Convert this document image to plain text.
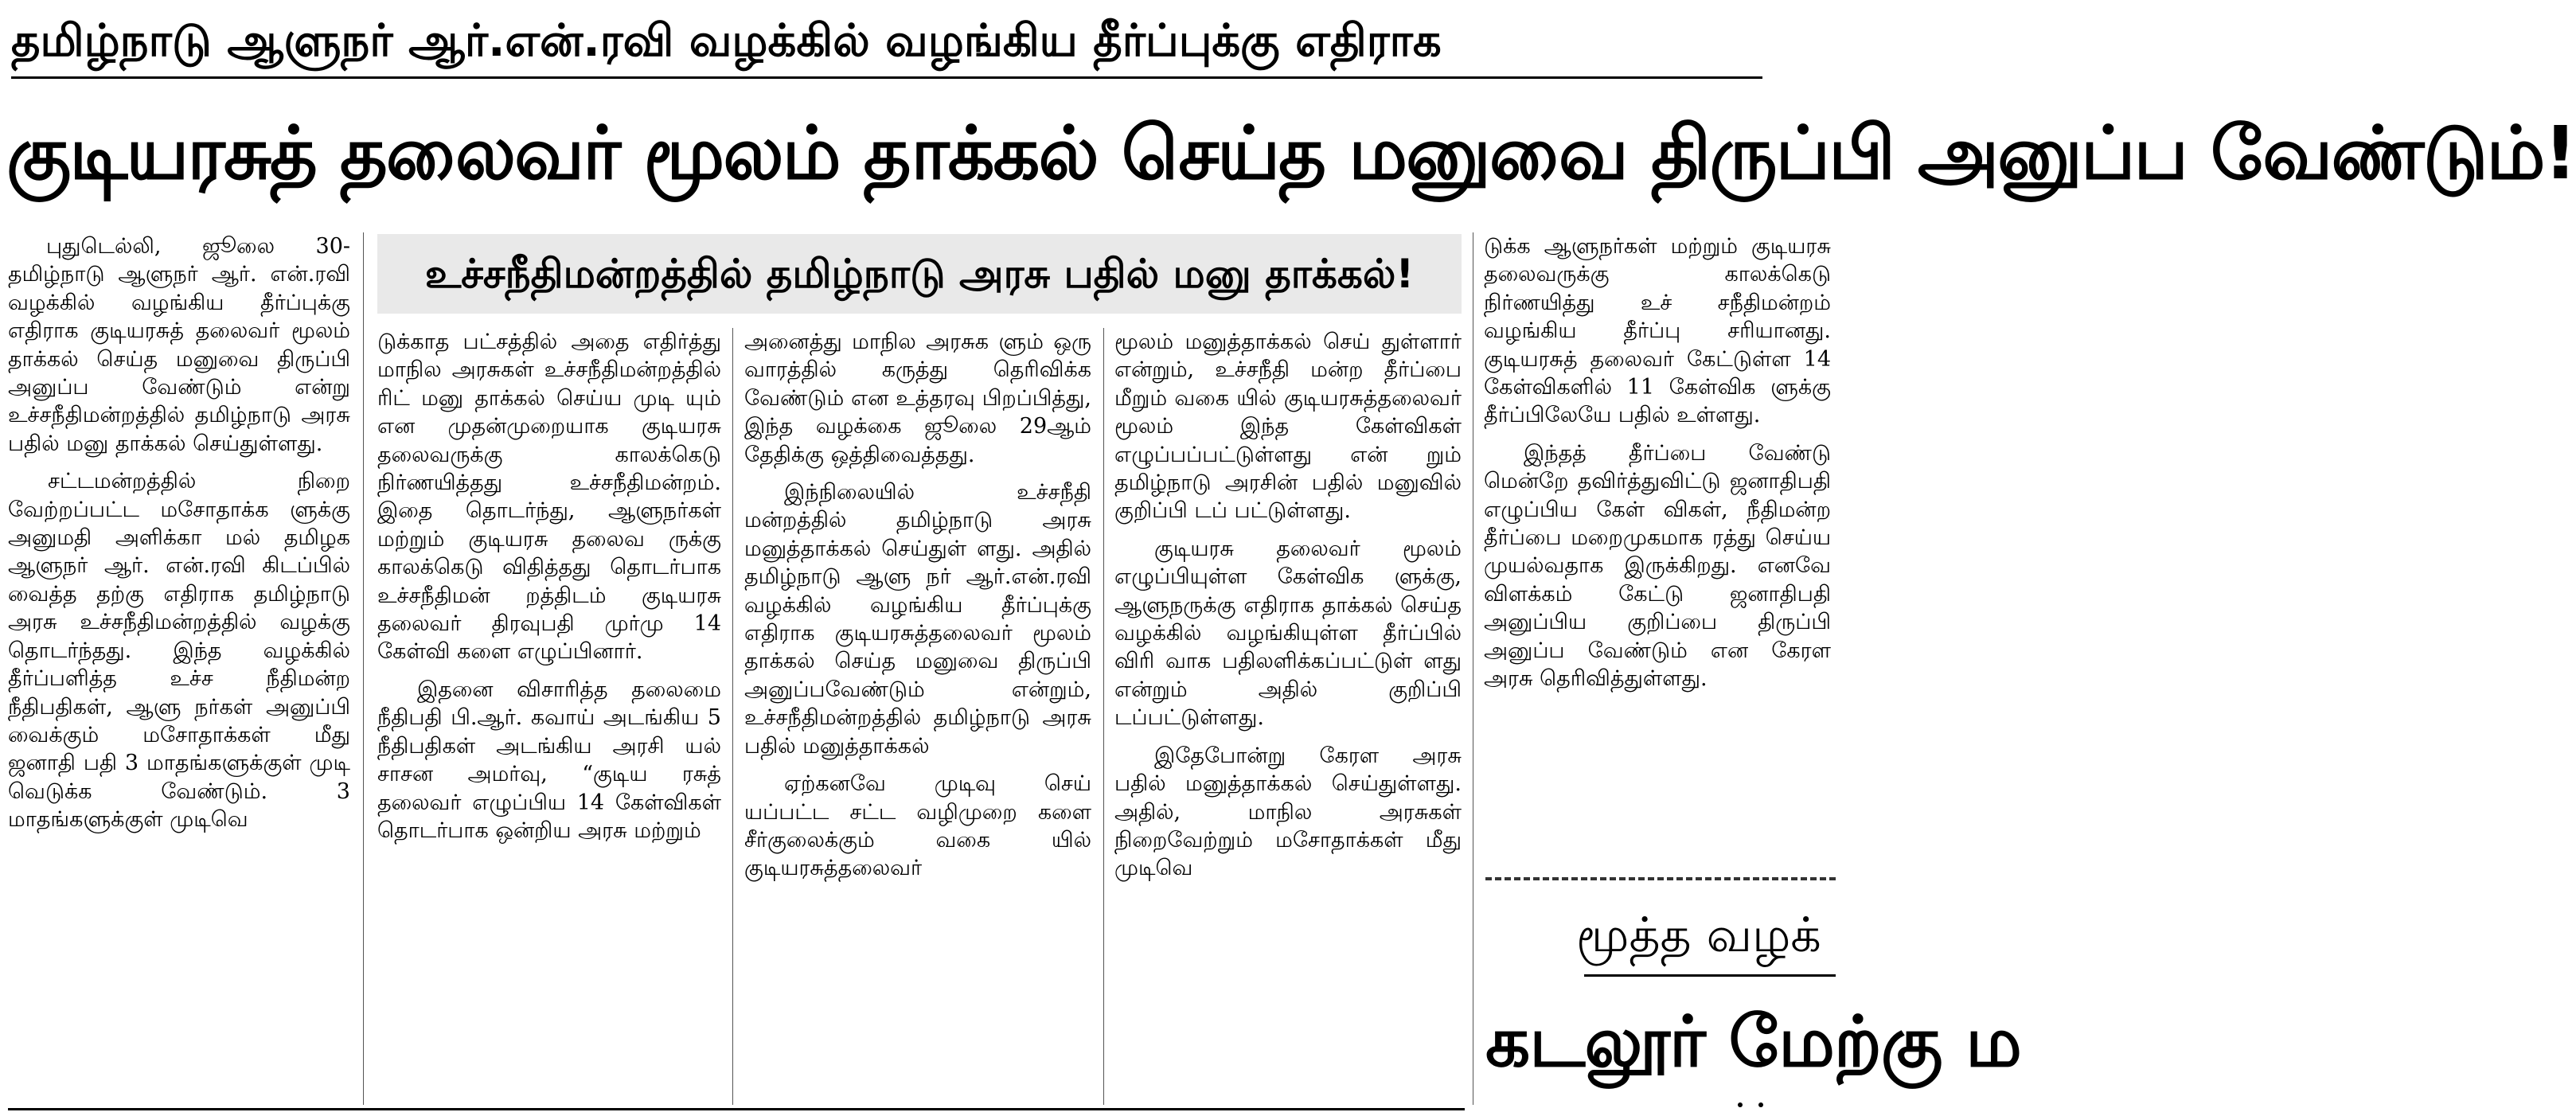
தமிழ்நாடு ஆளுநர் ஆர்.என்.ரவி வழக்கில் வழங்கிய தீர்ப்புக்கு எதிராக
குடியரசுத் தலைவர் மூலம் தாக்கல் செய்த மனுவை திருப்பி அனுப்ப வேண்டும்!
உச்சநீதிமன்றத்தில் தமிழ்நாடு அரசு பதில் மனு தாக்கல்!

புதுடெல்லி, ஜூலை 30- தமிழ்நாடு ஆளுநர் ஆர். என்.ரவி வழக்கில் வழங்கிய தீர்ப்புக்கு எதிராக குடியரசுத் தலைவர் மூலம் தாக்கல் செய்த மனுவை திருப்பி அனுப்ப வேண்டும் என்று உச்சநீதிமன்றத்தில் தமிழ்நாடு அரசு பதில் மனு தாக்கல் செய்துள்ளது.

சட்டமன்றத்தில் நிறை வேற்றப்பட்ட மசோதாக்க ளுக்கு அனுமதி அளிக்கா மல் தமிழக ஆளுநர் ஆர். என்.ரவி கிடப்பில் வைத்த தற்கு எதிராக தமிழ்நாடு அரசு உச்சநீதிமன்றத்தில் வழக்கு தொடர்ந்தது. இந்த வழக்கில் தீர்ப்பளித்த உச்ச நீதிமன்ற நீதிபதிகள், ஆளு நர்கள் அனுப்பி வைக்கும் மசோதாக்கள் மீது ஜனாதி பதி 3 மாதங்களுக்குள் முடி வெடுக்க வேண்டும். 3 மாதங்களுக்குள் முடிவெ

டுக்காத பட்சத்தில் அதை எதிர்த்து மாநில அரசுகள் உச்சநீதிமன்றத்தில் ரிட் மனு தாக்கல் செய்ய முடி யும் என முதன்முறையாக குடியரசு தலைவருக்கு காலக்கெடு நிர்ணயித்தது உச்சநீதிமன்றம். இதை தொடர்ந்து, ஆளுநர்கள் மற்றும் குடியரசு தலைவ ருக்கு காலக்கெடு விதித்தது தொடர்பாக உச்சநீதிமன் றத்திடம் குடியரசு தலைவர் திரவுபதி முர்மு 14 கேள்வி களை எழுப்பினார்.

இதனை விசாரித்த தலைமை நீதிபதி பி.ஆர். கவாய் அடங்கிய 5 நீதிபதிகள் அடங்கிய அரசி யல் சாசன அமர்வு, “குடிய ரசுத் தலைவர் எழுப்பிய 14 கேள்விகள் தொடர்பாக ஒன்றிய அரசு மற்றும்

அனைத்து மாநில அரசுக ளும் ஒரு வாரத்தில் கருத்து தெரிவிக்க வேண்டும் என உத்தரவு பிறப்பித்து, இந்த வழக்கை ஜூலை 29ஆம் தேதிக்கு ஒத்திவைத்தது.

இந்நிலையில் உச்சநீதி மன்றத்தில் தமிழ்நாடு அரசு மனுத்தாக்கல் செய்துள் ளது. அதில் தமிழ்நாடு ஆளு நர் ஆர்.என்.ரவி வழக்கில் வழங்கிய தீர்ப்புக்கு எதிராக குடியரசுத்தலைவர் மூலம் தாக்கல் செய்த மனுவை திருப்பி அனுப்பவேண்டும் என்றும், உச்சநீதிமன்றத்தில் தமிழ்நாடு அரசு பதில் மனுத்தாக்கல்

ஏற்கனவே முடிவு செய் யப்பட்ட சட்ட வழிமுறை களை சீர்குலைக்கும் வகை யில் குடியரசுத்தலைவர்

மூலம் மனுத்தாக்கல் செய் துள்ளார் என்றும், உச்சநீதி மன்ற தீர்ப்பை மீறும் வகை யில் குடியரசுத்தலைவர் மூலம் இந்த கேள்விகள் எழுப்பப்பட்டுள்ளது என் றும் தமிழ்நாடு அரசின் பதில் மனுவில் குறிப்பி டப் பட்டுள்ளது.

குடியரசு தலைவர் மூலம் எழுப்பியுள்ள கேள்விக ளுக்கு, ஆளுநருக்கு எதிராக தாக்கல் செய்த வழக்கில் வழங்கியுள்ள தீர்ப்பில் விரி வாக பதிலளிக்கப்பட்டுள் ளது என்றும் அதில் குறிப்பி டப்பட்டுள்ளது.

இதேபோன்று கேரள அரசு பதில் மனுத்தாக்கல் செய்துள்ளது. அதில், மாநில அரசுகள் நிறைவேற்றும் மசோதாக்கள் மீது முடிவெ

டுக்க ஆளுநர்கள் மற்றும் குடியரசு தலைவருக்கு காலக்கெடு நிர்ணயித்து உச் சநீதிமன்றம் வழங்கிய தீர்ப்பு சரியானது. குடியரசுத் தலைவர் கேட்டுள்ள 14 கேள்விகளில் 11 கேள்விக ளுக்கு தீர்ப்பிலேயே பதில் உள்ளது.

இந்தத் தீர்ப்பை வேண்டு மென்றே தவிர்த்துவிட்டு ஜனாதிபதி எழுப்பிய கேள் விகள், நீதிமன்ற தீர்ப்பை மறைமுகமாக ரத்து செய்ய முயல்வதாக இருக்கிறது. எனவே விளக்கம் கேட்டு ஜனாதிபதி அனுப்பிய குறிப்பை திருப்பி அனுப்ப வேண்டும் என கேரள அரசு தெரிவித்துள்ளது.

மூத்த வழக்
கடலூர் மேற்கு ம
